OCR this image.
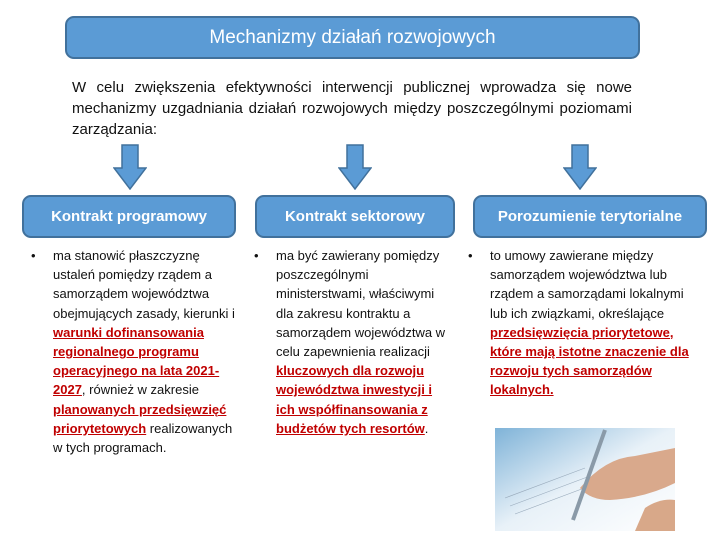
Mechanizmy działań rozwojowych
W celu zwiększenia efektywności interwencji publicznej wprowadza się nowe mechanizmy uzgadniania działań rozwojowych między poszczególnymi poziomami zarządzania:
Kontrakt programowy	Kontrakt sektorowy	Porozumienie terytorialne
• ma stanowić płaszczyznę ustaleń pomiędzy rządem a samorządem województwa obejmujących zasady, kierunki i warunki dofinansowania regionalnego programu operacyjnego na lata 2021-2027, również w zakresie planowanych przedsięwzięć priorytetowych realizowanych w tych programach.
• ma być zawierany pomiędzy poszczególnymi ministerstwami, właściwymi dla zakresu kontraktu a samorządem województwa w celu zapewnienia realizacji kluczowych dla rozwoju województwa inwestycji i ich współfinansowania z budżetów tych resortów.
• to umowy zawierane między samorządem województwa lub rządem a samorządami lokalnymi lub ich związkami, określające przedsięwzięcia priorytetowe, które mają istotne znaczenie dla rozwoju tych samorządów lokalnych.
